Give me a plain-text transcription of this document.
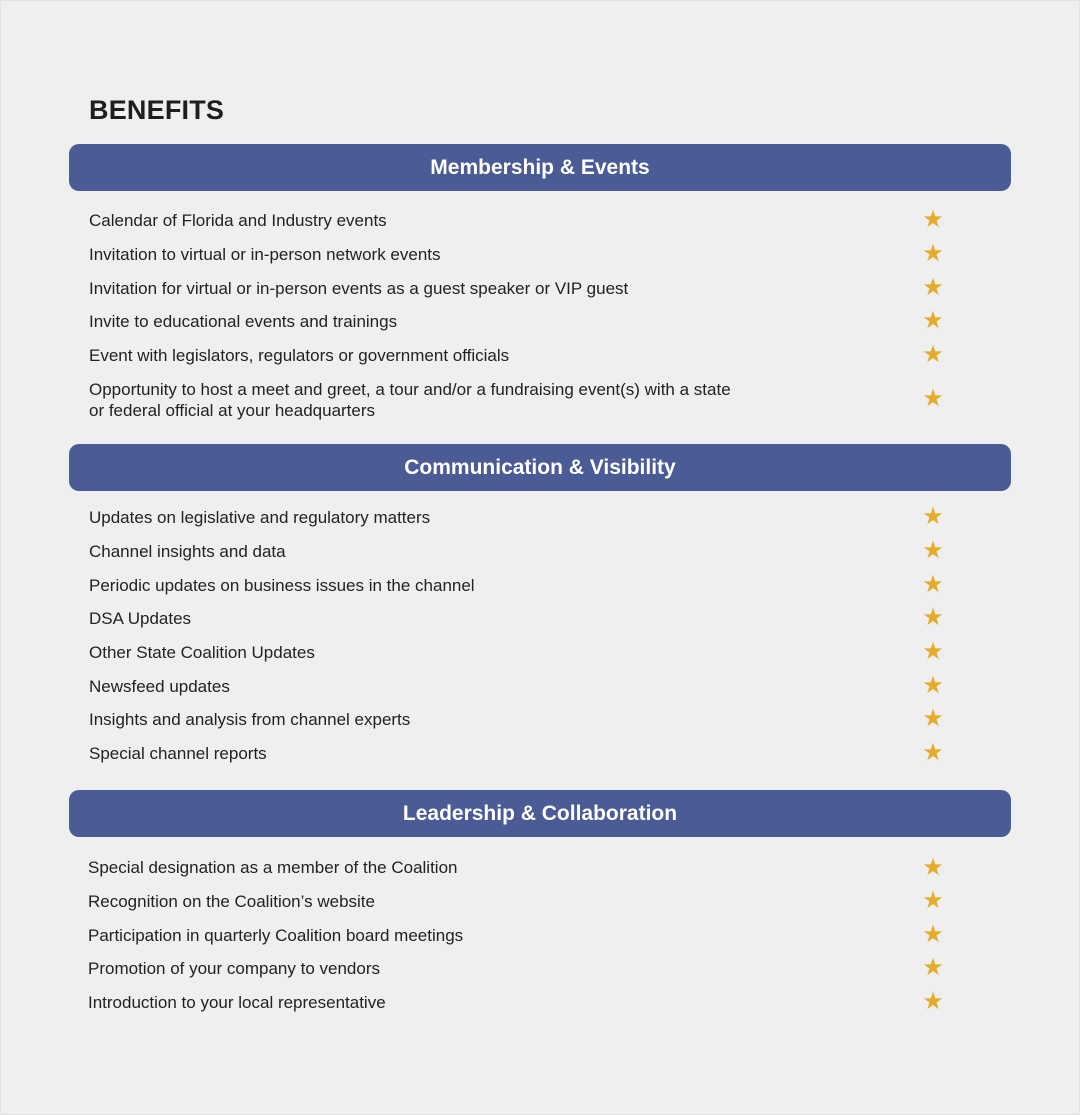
BENEFITS
Membership & Events
Calendar of Florida and Industry events	★
Invitation to virtual or in-person network events	★
Invitation for virtual or in-person events as a guest speaker or VIP guest	★
Invite to educational events and trainings	★
Event with legislators, regulators or government officials	★
Opportunity to host a meet and greet, a tour and/or a fundraising event(s) with a state or federal official at your headquarters	★
Communication & Visibility
Updates on legislative and regulatory matters	★
Channel insights and data	★
Periodic updates on business issues in the channel	★
DSA Updates	★
Other State Coalition Updates	★
Newsfeed updates	★
Insights and analysis from channel experts	★
Special channel reports	★
Leadership & Collaboration
Special designation as a member of the Coalition	★
Recognition on the Coalition’s website	★
Participation in quarterly Coalition board meetings	★
Promotion of your company to vendors	★
Introduction to your local representative	★
